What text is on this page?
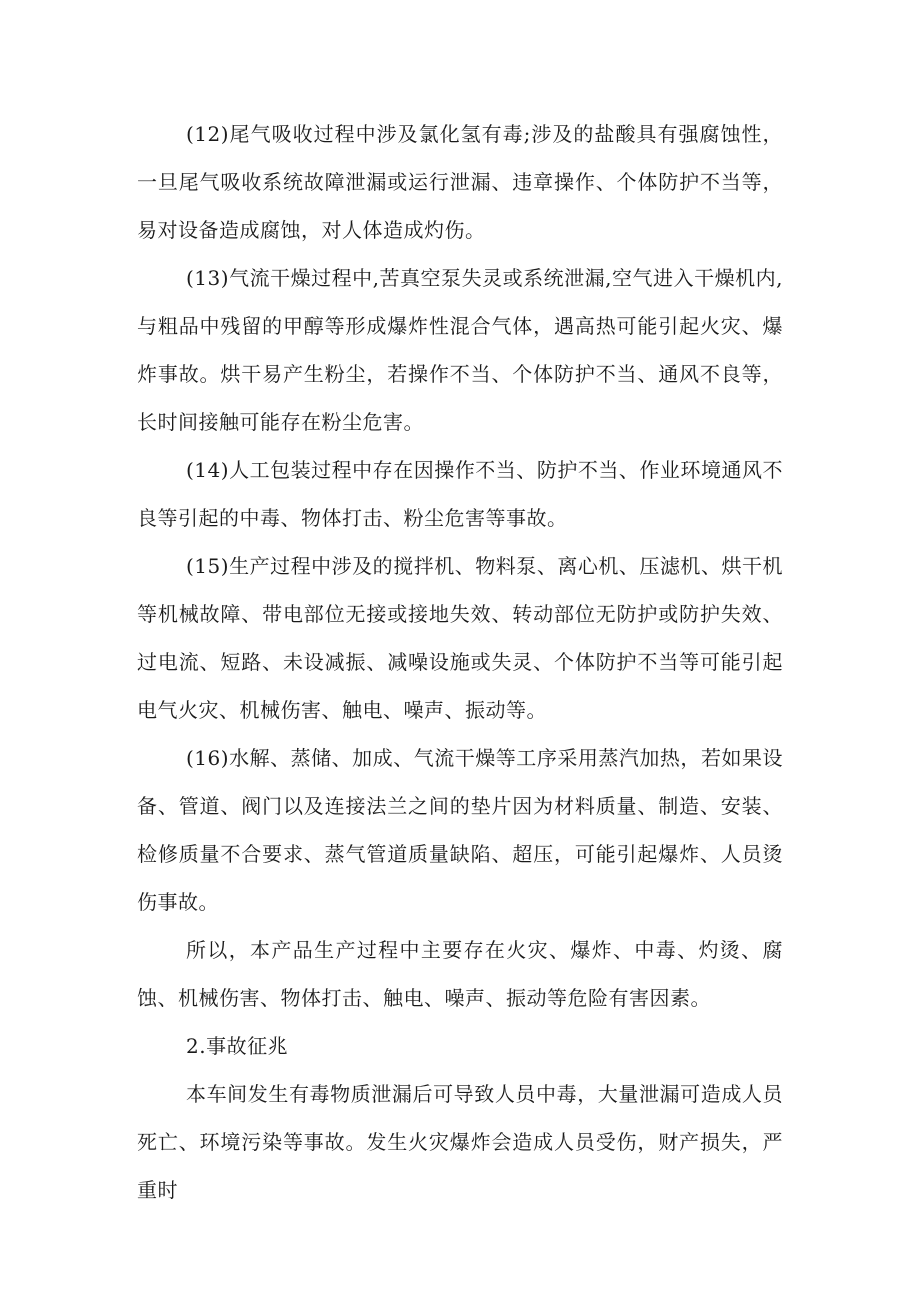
(12)尾气吸收过程中涉及氯化氢有毒;涉及的盐酸具有强腐蚀性，一旦尾气吸收系统故障泄漏或运行泄漏、违章操作、个体防护不当等，易对设备造成腐蚀，对人体造成灼伤。

(13)气流干燥过程中,苦真空泵失灵或系统泄漏,空气进入干燥机内,与粗品中残留的甲醇等形成爆炸性混合气体，遇高热可能引起火灾、爆炸事故。烘干易产生粉尘，若操作不当、个体防护不当、通风不良等，长时间接触可能存在粉尘危害。

(14)人工包装过程中存在因操作不当、防护不当、作业环境通风不良等引起的中毒、物体打击、粉尘危害等事故。

(15)生产过程中涉及的搅拌机、物料泵、离心机、压滤机、烘干机等机械故障、带电部位无接或接地失效、转动部位无防护或防护失效、过电流、短路、未设减振、减噪设施或失灵、个体防护不当等可能引起电气火灾、机械伤害、触电、噪声、振动等。

(16)水解、蒸储、加成、气流干燥等工序采用蒸汽加热，若如果设备、管道、阀门以及连接法兰之间的垫片因为材料质量、制造、安装、检修质量不合要求、蒸气管道质量缺陷、超压，可能引起爆炸、人员烫伤事故。

所以，本产品生产过程中主要存在火灾、爆炸、中毒、灼烫、腐蚀、机械伤害、物体打击、触电、噪声、振动等危险有害因素。

2.事故征兆

本车间发生有毒物质泄漏后可导致人员中毒，大量泄漏可造成人员死亡、环境污染等事故。发生火灾爆炸会造成人员受伤，财产损失，严重时
